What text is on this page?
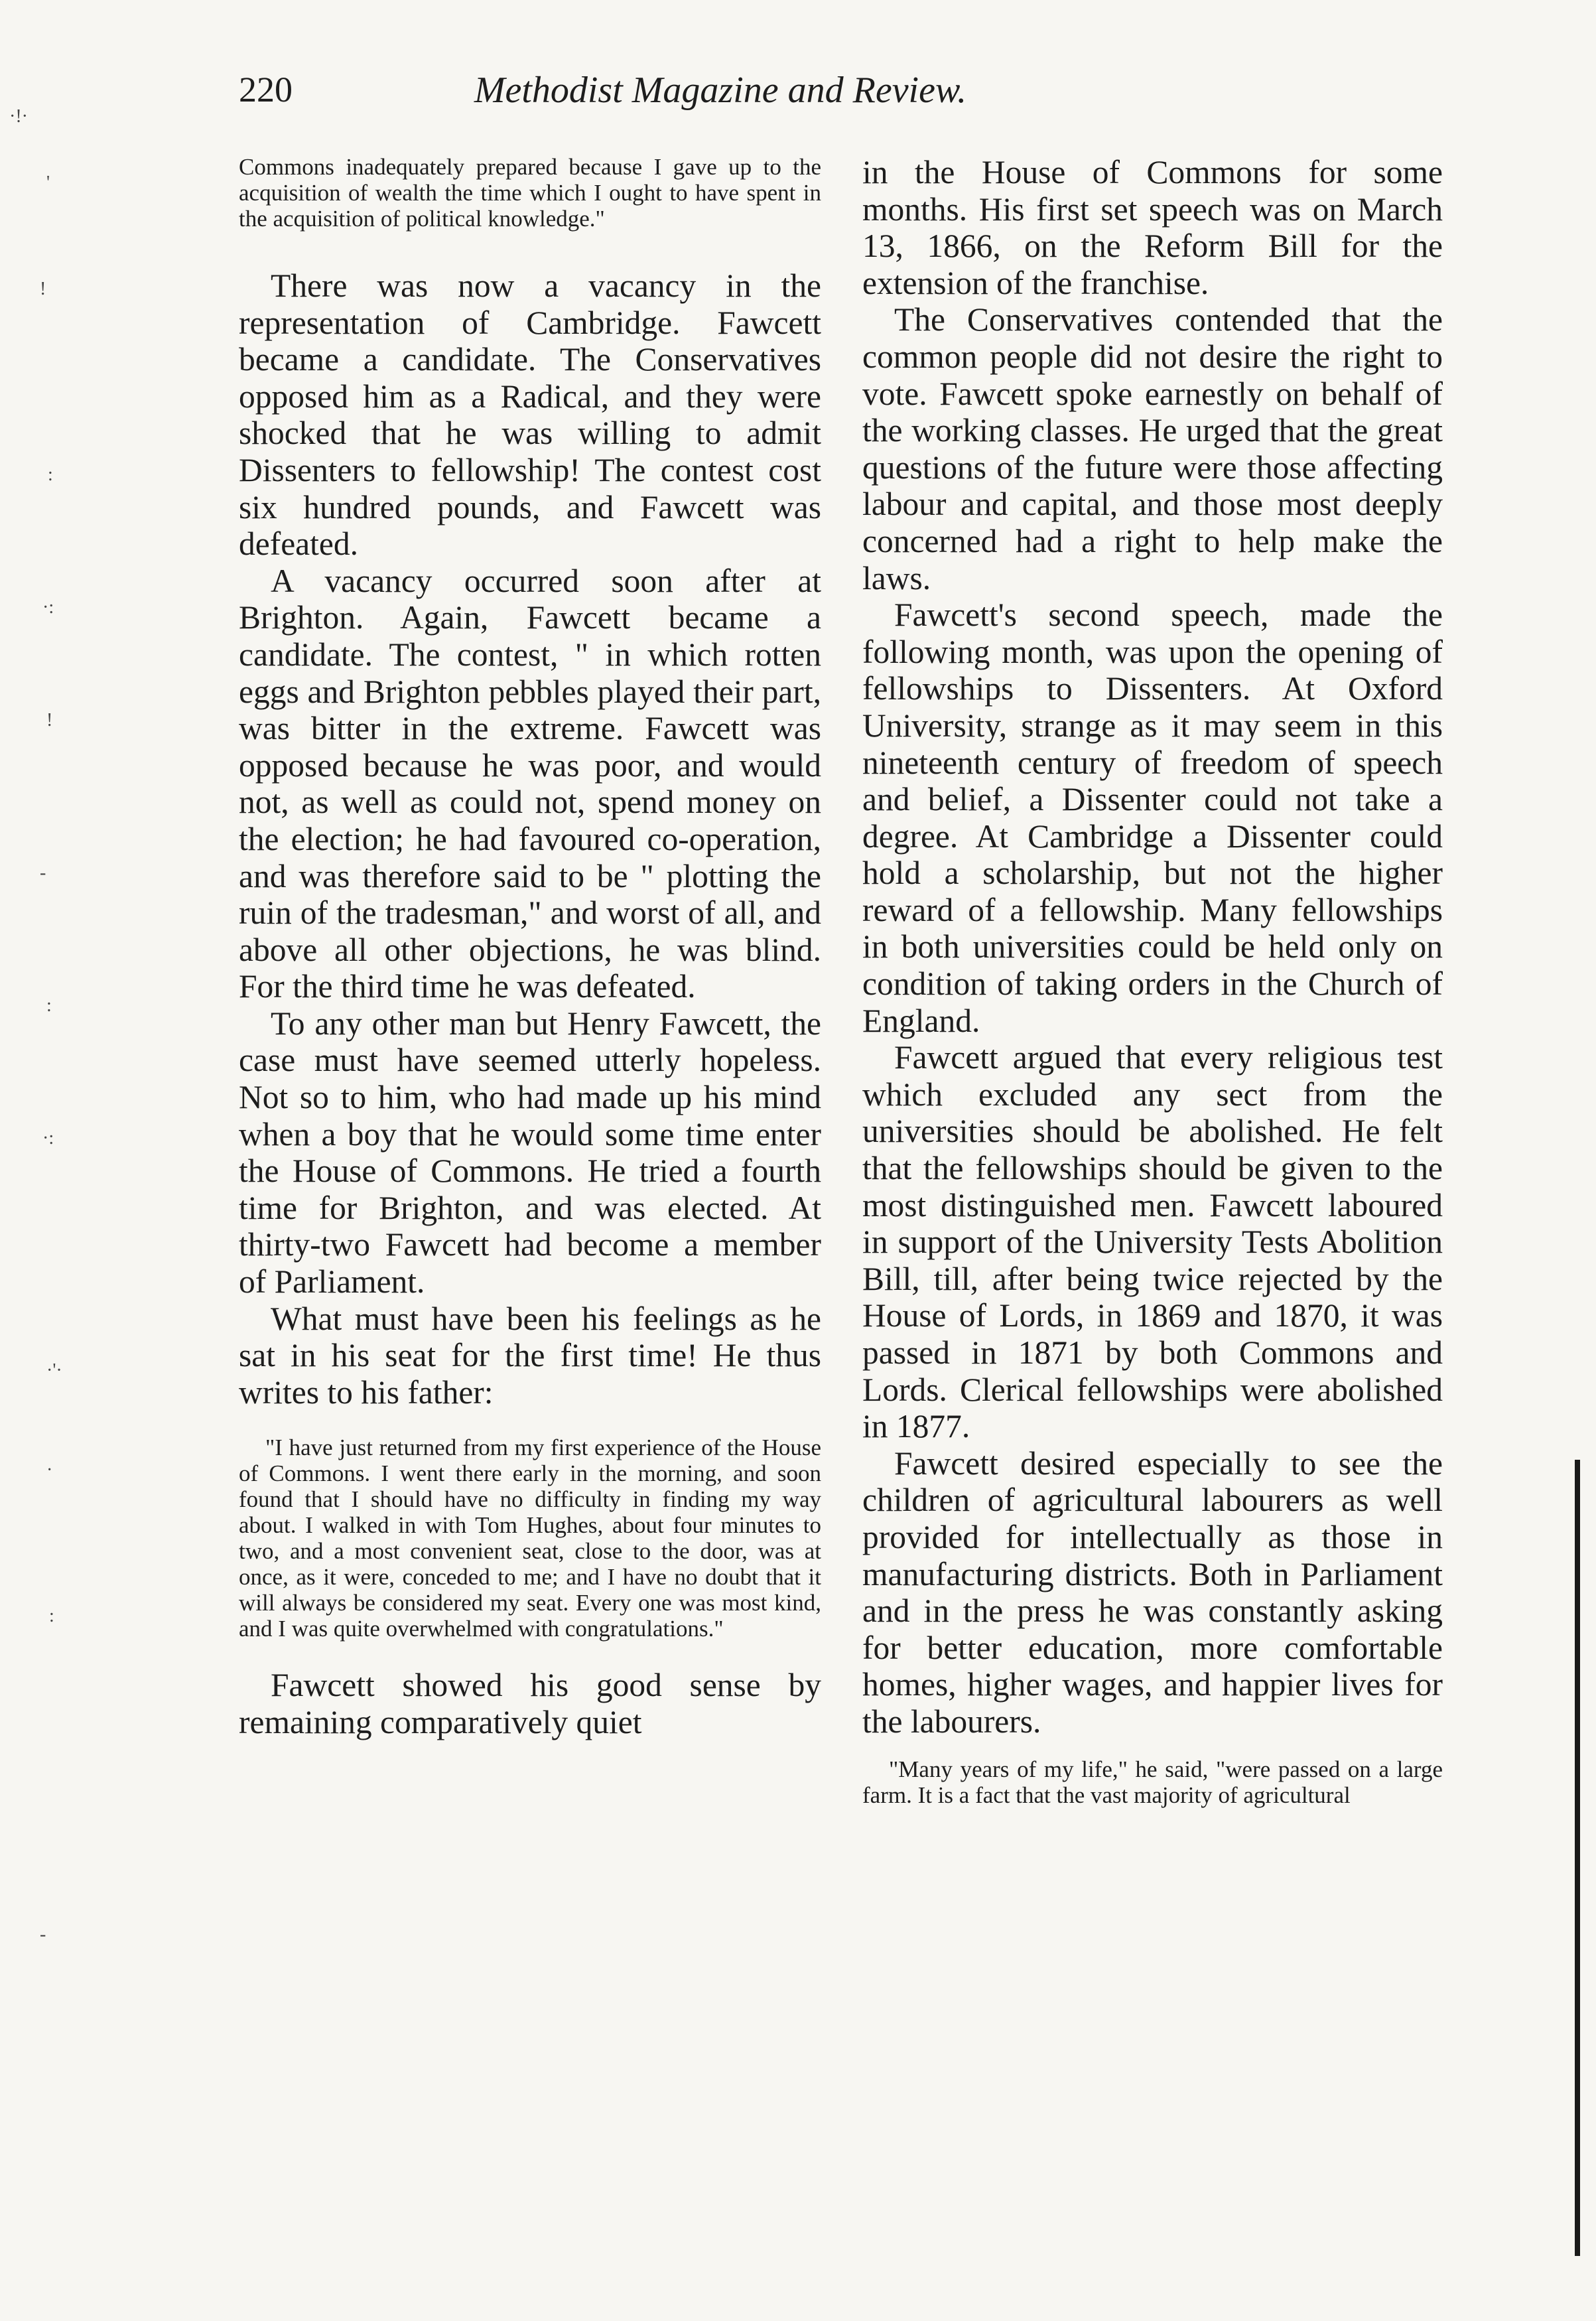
·ǃ·
'
ǃ
:
·:
ǃ
-
:
·:
·'·
·
:
-
220	Methodist Magazine and Review.

Commons inadequately prepared because I gave up to the acquisition of wealth the time which I ought to have spent in the acquisition of political knowledge."

There was now a vacancy in the representation of Cambridge. Fawcett became a candidate. The Conservatives opposed him as a Radical, and they were shocked that he was willing to admit Dissenters to fellowship! The contest cost six hundred pounds, and Fawcett was defeated.

A vacancy occurred soon after at Brighton. Again, Fawcett became a candidate. The contest, " in which rotten eggs and Brighton pebbles played their part, was bitter in the extreme. Fawcett was opposed because he was poor, and would not, as well as could not, spend money on the election; he had favoured co-operation, and was therefore said to be " plotting the ruin of the tradesman," and worst of all, and above all other objections, he was blind. For the third time he was defeated.

To any other man but Henry Fawcett, the case must have seemed utterly hopeless. Not so to him, who had made up his mind when a boy that he would some time enter the House of Commons. He tried a fourth time for Brighton, and was elected. At thirty-two Fawcett had become a member of Parliament.

What must have been his feelings as he sat in his seat for the first time! He thus writes to his father:

"I have just returned from my first experience of the House of Commons. I went there early in the morning, and soon found that I should have no difficulty in finding my way about. I walked in with Tom Hughes, about four minutes to two, and a most convenient seat, close to the door, was at once, as it were, conceded to me; and I have no doubt that it will always be considered my seat. Every one was most kind, and I was quite overwhelmed with congratulations."

Fawcett showed his good sense by remaining comparatively quiet

in the House of Commons for some months. His first set speech was on March 13, 1866, on the Reform Bill for the extension of the franchise.

The Conservatives contended that the common people did not desire the right to vote. Fawcett spoke earnestly on behalf of the working classes. He urged that the great questions of the future were those affecting labour and capital, and those most deeply concerned had a right to help make the laws.

Fawcett's second speech, made the following month, was upon the opening of fellowships to Dissenters. At Oxford University, strange as it may seem in this nineteenth century of freedom of speech and belief, a Dissenter could not take a degree. At Cambridge a Dissenter could hold a scholarship, but not the higher reward of a fellowship. Many fellowships in both universities could be held only on condition of taking orders in the Church of England.

Fawcett argued that every religious test which excluded any sect from the universities should be abolished. He felt that the fellowships should be given to the most distinguished men. Fawcett laboured in support of the University Tests Abolition Bill, till, after being twice rejected by the House of Lords, in 1869 and 1870, it was passed in 1871 by both Commons and Lords. Clerical fellowships were abolished in 1877.

Fawcett desired especially to see the children of agricultural labourers as well provided for intellectually as those in manufacturing districts. Both in Parliament and in the press he was constantly asking for better education, more comfortable homes, higher wages, and happier lives for the labourers.

"Many years of my life," he said, "were passed on a large farm. It is a fact that the vast majority of agricultural
